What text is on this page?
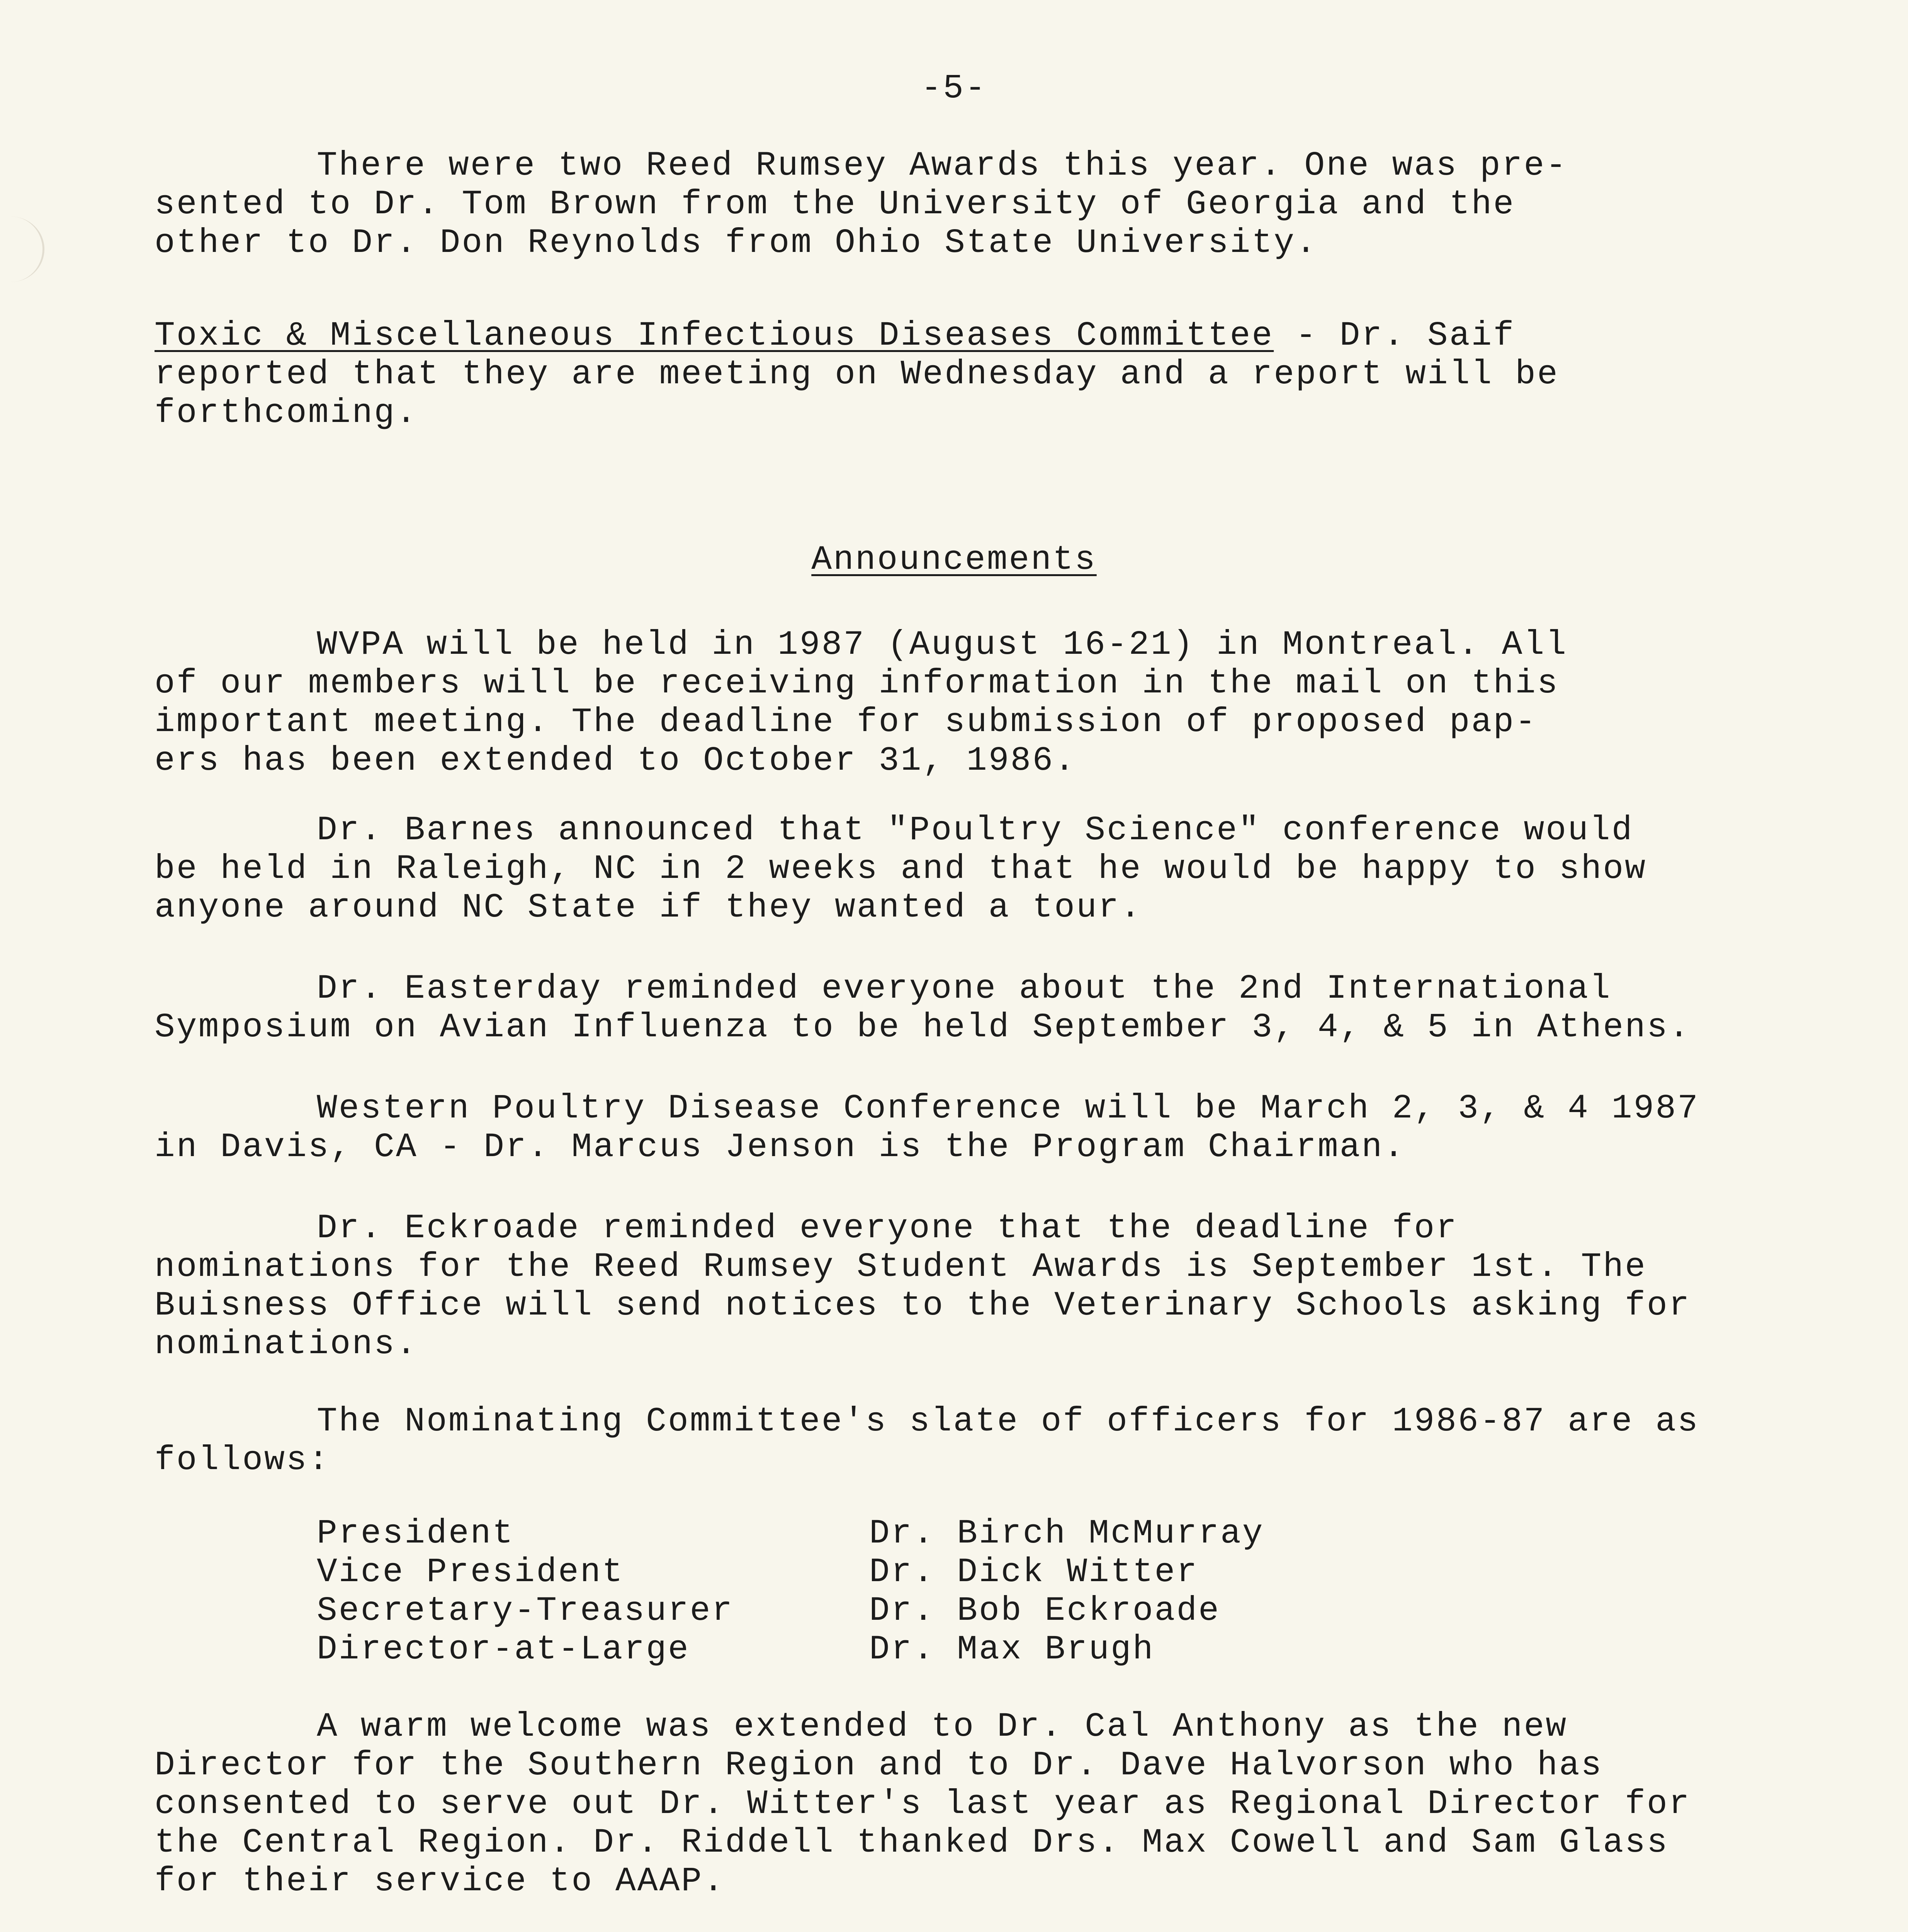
-5-
There were two Reed Rumsey Awards this year. One was pre-
sented to Dr. Tom Brown from the University of Georgia and the
other to Dr. Don Reynolds from Ohio State University.
Toxic & Miscellaneous Infectious Diseases Committee - Dr. Saif
reported that they are meeting on Wednesday and a report will be
forthcoming.
Announcements
WVPA will be held in 1987 (August 16-21) in Montreal. All
of our members will be receiving information in the mail on this
important meeting. The deadline for submission of proposed pap-
ers has been extended to October 31, 1986.
Dr. Barnes announced that "Poultry Science" conference would
be held in Raleigh, NC in 2 weeks and that he would be happy to show
anyone around NC State if they wanted a tour.
Dr. Easterday reminded everyone about the 2nd International
Symposium on Avian Influenza to be held September 3, 4, & 5 in Athens.
Western Poultry Disease Conference will be March 2, 3, & 4 1987
in Davis, CA - Dr. Marcus Jenson is the Program Chairman.
Dr. Eckroade reminded everyone that the deadline for
nominations for the Reed Rumsey Student Awards is September 1st. The
Buisness Office will send notices to the Veterinary Schools asking for
nominations.
The Nominating Committee's slate of officers for 1986-87 are as
follows:
President	Dr. Birch McMurray
Vice President	Dr. Dick Witter
Secretary-Treasurer	Dr. Bob Eckroade
Director-at-Large	Dr. Max Brugh
A warm welcome was extended to Dr. Cal Anthony as the new
Director for the Southern Region and to Dr. Dave Halvorson who has
consented to serve out Dr. Witter's last year as Regional Director for
the Central Region. Dr. Riddell thanked Drs. Max Cowell and Sam Glass
for their service to AAAP.
